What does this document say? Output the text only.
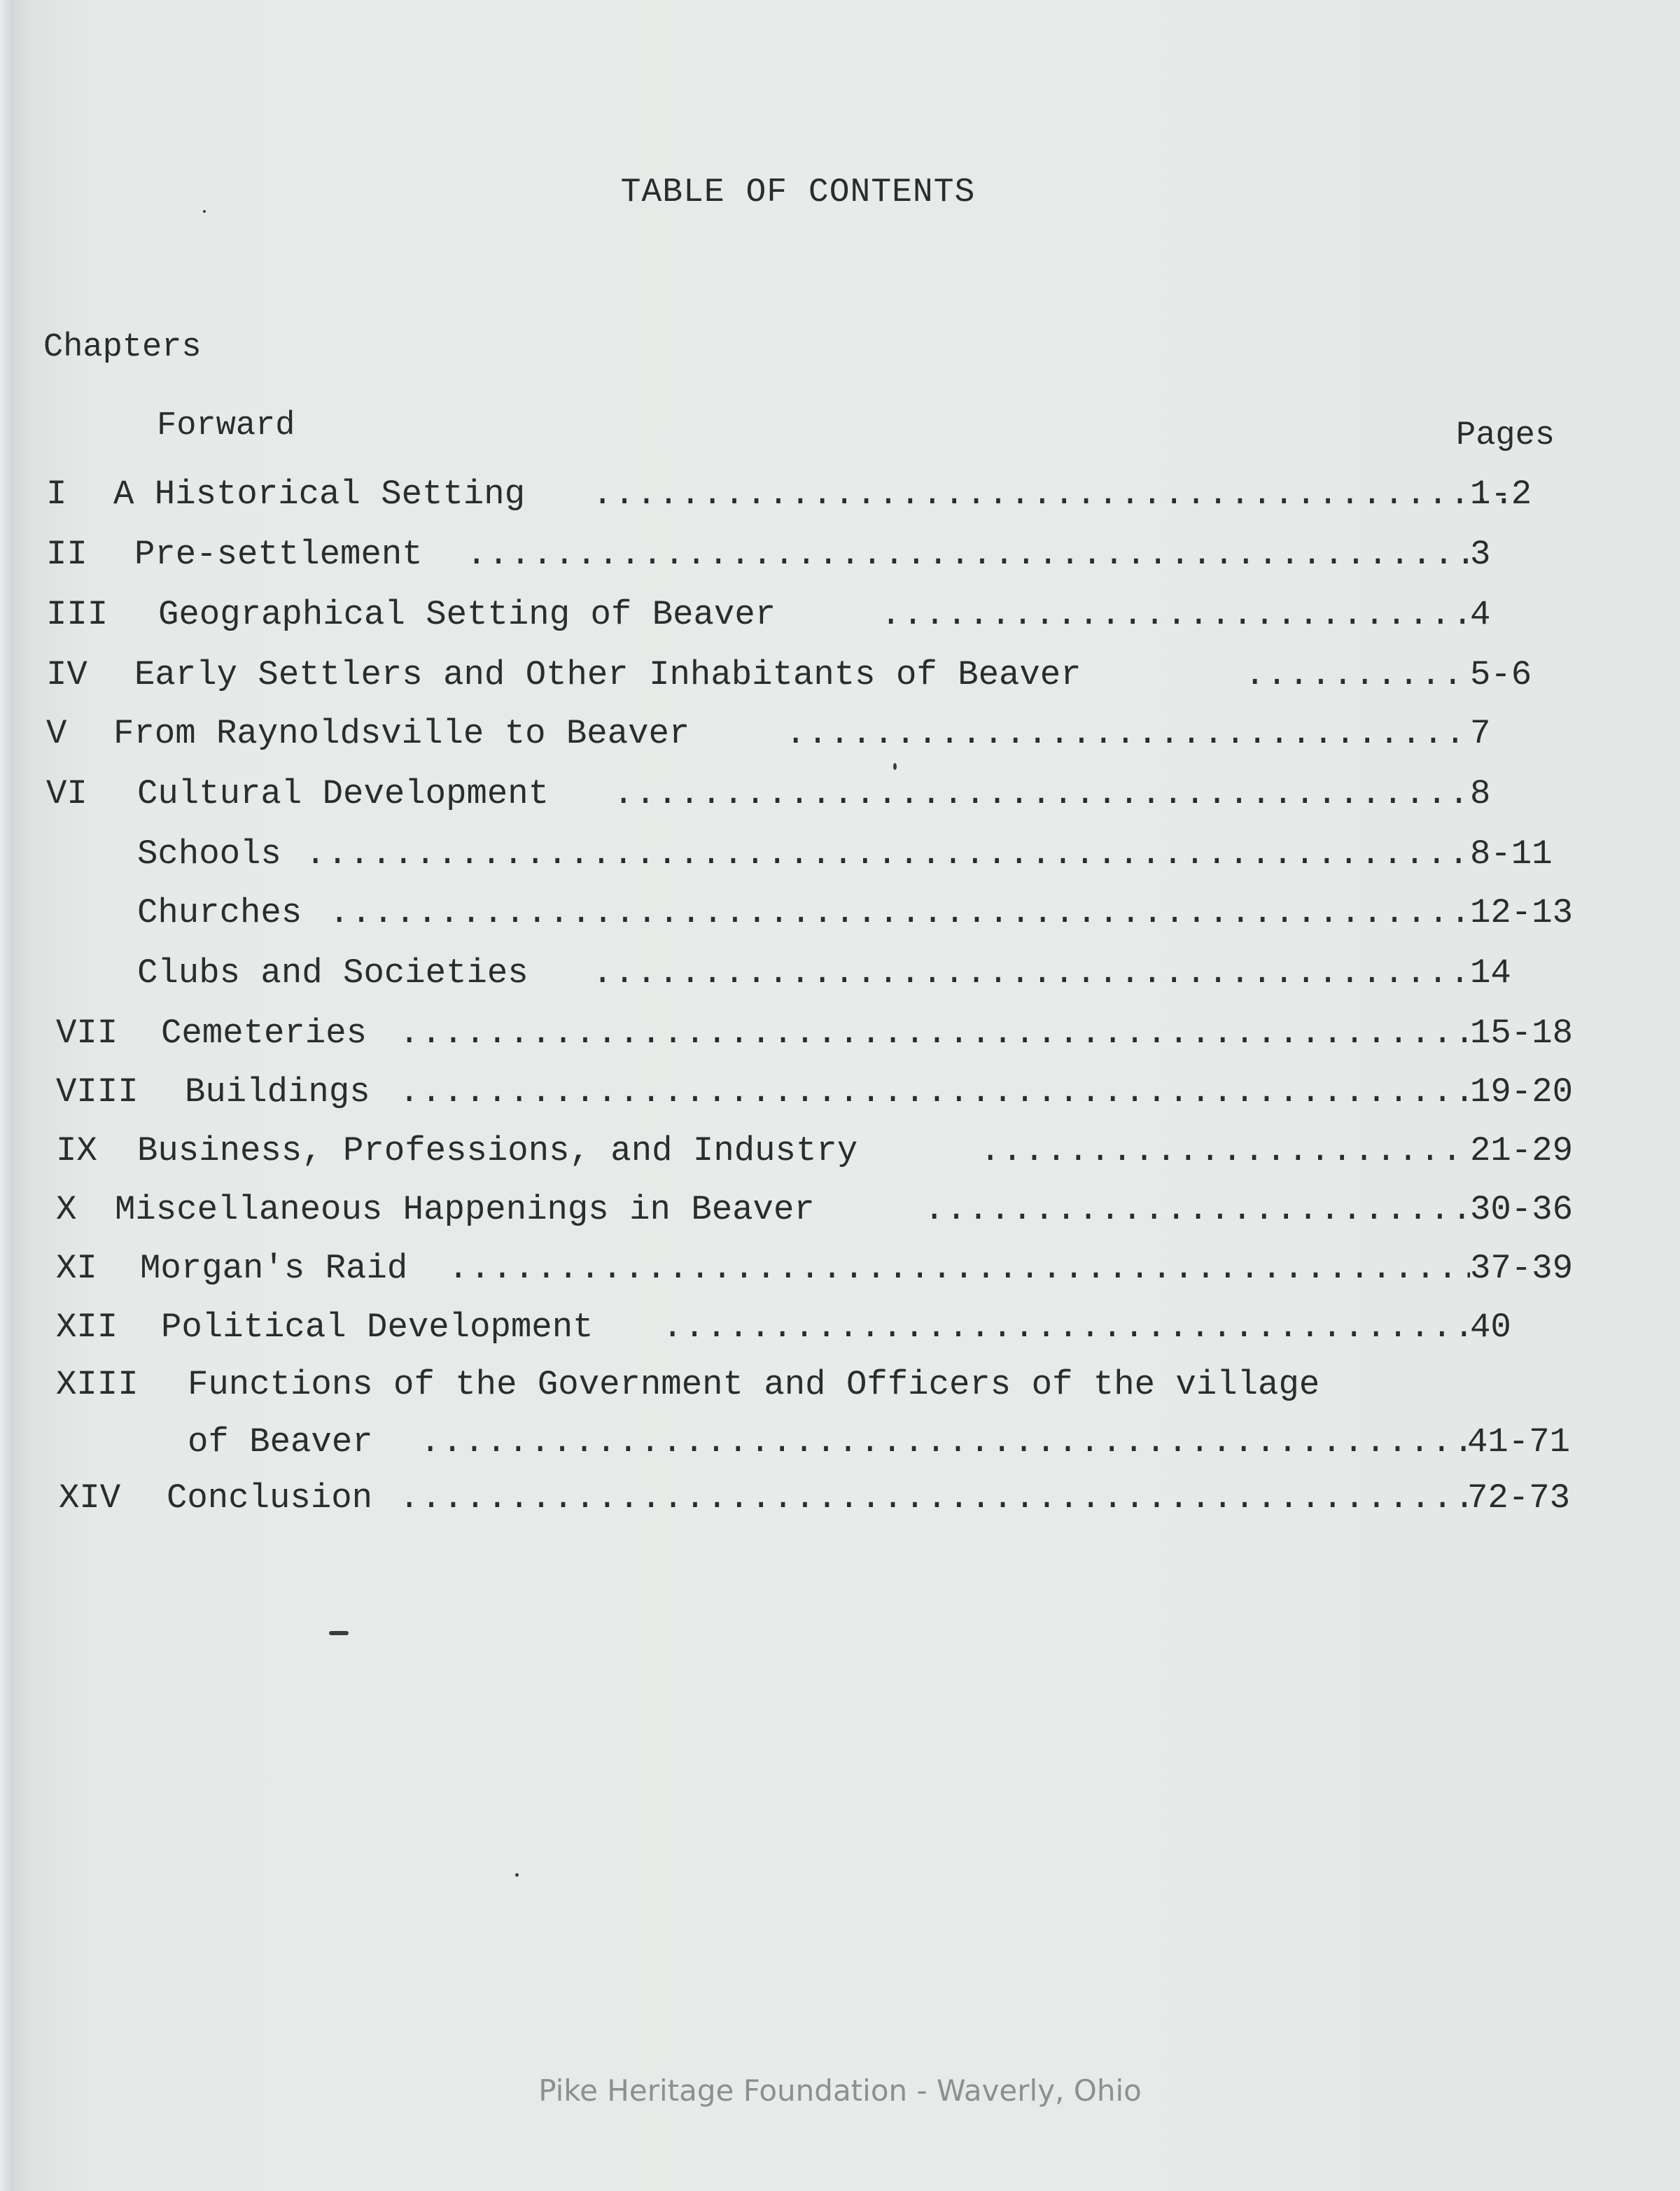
TABLE OF CONTENTS
Chapters
Forward	Pages
I A Historical Setting .....	1-2
II Pre-settlement .....	3
III Geographical Setting of Beaver .....	4
IV Early Settlers and Other Inhabitants of Beaver .....	5-6
V From Raynoldsville to Beaver .....	7
VI Cultural Development .....	8
Schools .....	8-11
Churches .....	12-13
Clubs and Societies .....	14
VII Cemeteries .....	15-18
VIII Buildings .....	19-20
IX Business, Professions, and Industry .....	21-29
X Miscellaneous Happenings in Beaver .....	30-36
XI Morgan's Raid .....	37-39
XII Political Development .....	40
XIII Functions of the Government and Officers of the village
of Beaver .....	41-71
XIV Conclusion .....	72-73
Pike Heritage Foundation - Waverly, Ohio
